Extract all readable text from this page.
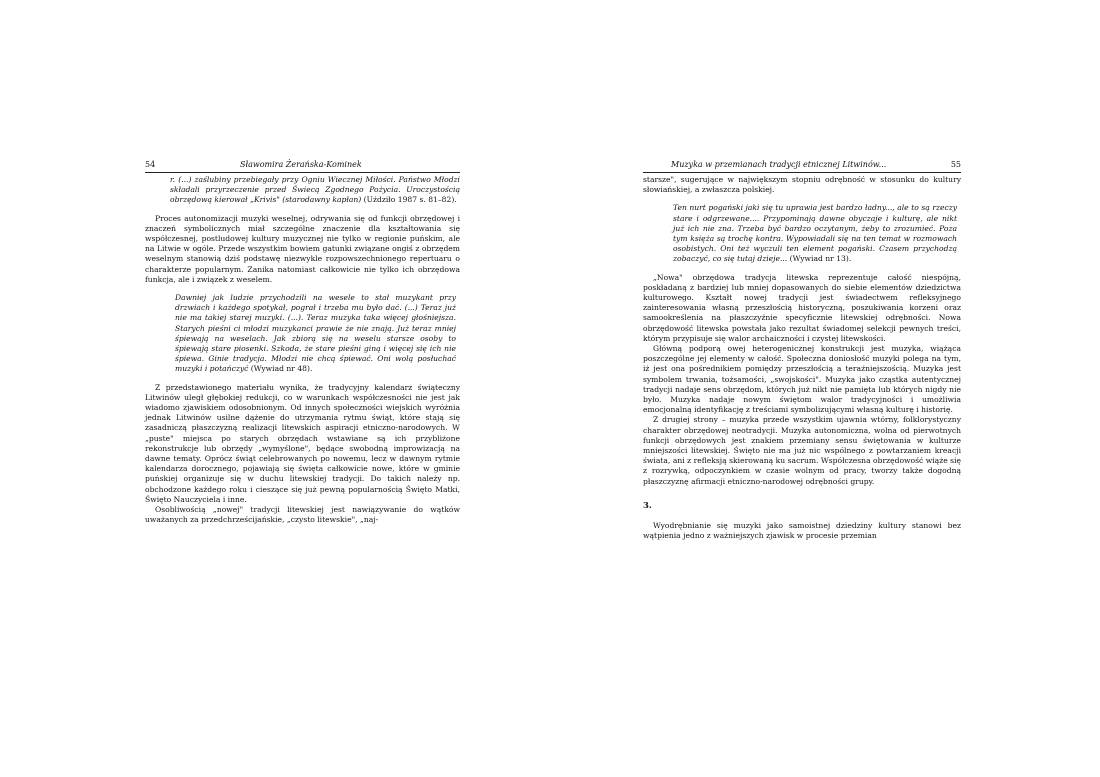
54	Sławomira Żerańska-Kominek

r. (...) zaślubiny przebiegały przy Ogniu Wiecznej Miłości. Państwo Młodzi składali przyrzeczenie przed Świecą Zgodnego Pożycia. Uroczystością obrzędową kierował „Krivis" (starodawny kapłan) (Uździło 1987 s. 81–82).

Proces autonomizacji muzyki weselnej, odrywania się od funkcji obrzędowej i znaczeń symbolicznych miał szczególne znaczenie dla kształtowania się współczesnej, postludowej kultury muzycznej nie tylko w regionie puńskim, ale na Litwie w ogóle. Przede wszystkim bowiem gatunki związane ongiś z obrzędem weselnym stanowią dziś podstawę niezwykle rozpowszechnionego repertuaru o charakterze popularnym. Zanika natomiast całkowicie nie tylko ich obrzędowa funkcja, ale i związek z weselem.

Dawniej jak ludzie przychodzili na wesele to stał muzykant przy drzwiach i każdego spotykał, pograł i trzeba mu było dać. (...) Teraz już nie ma takiej starej muzyki. (...). Teraz muzyka taka więcej głośniejsza. Starych pieśni ci młodzi muzykanci prawie że nie znają. Już teraz mniej śpiewają na weselach. Jak zbiorą się na weselu starsze osoby to śpiewają stare piosenki. Szkoda, że stare pieśni giną i więcej się ich nie śpiewa. Ginie tradycja. Młodzi nie chcą śpiewać. Oni wolą posłuchać muzyki i potańczyć (Wywiad nr 48).

Z przedstawionego materiału wynika, że tradycyjny kalendarz świąteczny Litwinów uległ głębokiej redukcji, co w warunkach współczesności nie jest jak wiadomo zjawiskiem odosobnionym. Od innych społeczności wiejskich wyróżnia jednak Litwinów usilne dążenie do utrzymania rytmu świąt, które stają się zasadniczą płaszczyzną realizacji litewskich aspiracji etniczno-narodowych. W „puste" miejsca po starych obrzędach wstawiane są ich przybliżone rekonstrukcje lub obrzędy „wymyślone", będące swobodną improwizacją na dawne tematy. Oprócz świąt celebrowanych po nowemu, lecz w dawnym rytmie kalendarza dorocznego, pojawiają się święta całkowicie nowe, które w gminie puńskiej organizuje się w duchu litewskiej tradycji. Do takich należy np. obchodzone każdego roku i cieszące się już pewną popularnością Święto Matki, Święto Nauczyciela i inne.

Osobliwością „nowej" tradycji litewskiej jest nawiązywanie do wątków uważanych za przedchrześcijańskie, „czysto litewskie", „naj-

Muzyka w przemianach tradycji etnicznej Litwinów...	55

starsze", sugerujące w największym stopniu odrębność w stosunku do kultury słowiańskiej, a zwłaszcza polskiej.

Ten nurt pogański jaki się tu uprawia jest bardzo ładny..., ale to są rzeczy stare i odgrzewane.... Przypominają dawne obyczaje i kulturę, ale nikt już ich nie zna. Trzeba być bardzo oczytanym, żeby to zrozumieć. Poza tym księża są trochę kontra. Wypowiadali się na ten temat w rozmowach osobistych. Oni też wyczuli ten element pogański. Czasem przychodzą zobaczyć, co się tutaj dzieje... (Wywiad nr 13).

„Nowa" obrzędowa tradycja litewska reprezentuje całość niespójną, poskładaną z bardziej lub mniej dopasowanych do siebie elementów dziedzictwa kulturowego. Kształt nowej tradycji jest świadectwem refleksyjnego zainteresowania własną przeszłością historyczną, poszukiwania korzeni oraz samookreślenia na płaszczyźnie specyficznie litewskiej odrębności. Nowa obrzędowość litewska powstała jako rezultat świadomej selekcji pewnych treści, którym przypisuje się walor archaiczności i czystej litewskości.

Główną podporą owej heterogenicznej konstrukcji jest muzyka, wiążąca poszczególne jej elementy w całość. Społeczna doniosłość muzyki polega na tym, iż jest ona pośrednikiem pomiędzy przeszłością a teraźniejszością. Muzyka jest symbolem trwania, tożsamości, „swojskości". Muzyka jako cząstka autentycznej tradycji nadaje sens obrzędom, których już nikt nie pamięta lub których nigdy nie było. Muzyka nadaje nowym świętom walor tradycyjności i umożliwia emocjonalną identyfikację z treściami symbolizującymi własną kulturę i historię.

Z drugiej strony – muzyka przede wszystkim ujawnia wtórny, folklorystyczny charakter obrzędowej neotradycji. Muzyka autonomiczna, wolna od pierwotnych funkcji obrzędowych jest znakiem przemiany sensu świętowania w kulturze mniejszości litewskiej. Święto nie ma już nic wspólnego z powtarzaniem kreacji świata, ani z refleksją skierowaną ku sacrum. Współczesna obrzędowość wiąże się z rozrywką, odpoczynkiem w czasie wolnym od pracy, tworzy także dogodną płaszczyznę afirmacji etniczno-narodowej odrębności grupy.

3.

Wyodrębnianie się muzyki jako samoistnej dziedziny kultury stanowi bez wątpienia jedno z ważniejszych zjawisk w procesie przemian
